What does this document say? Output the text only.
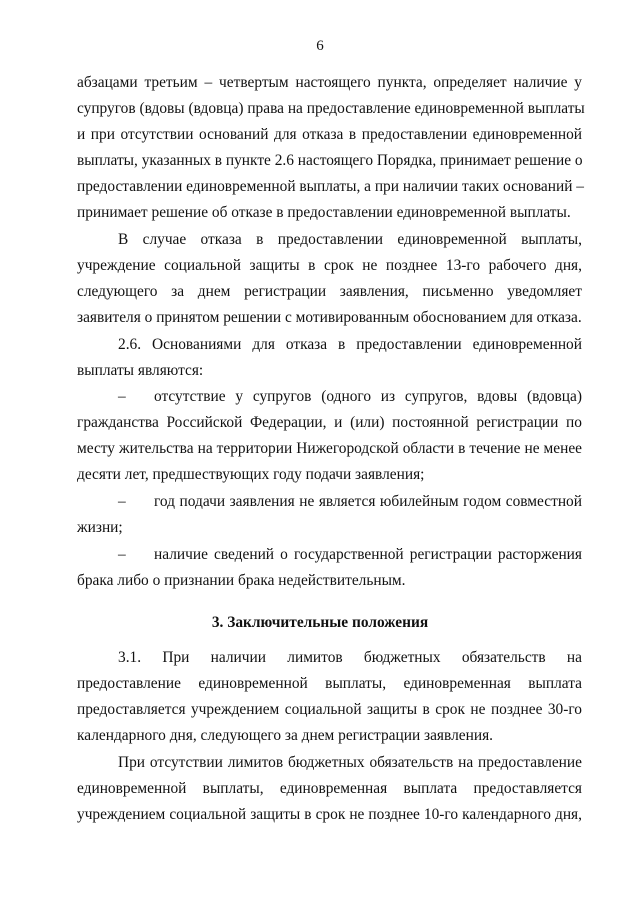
6
абзацами третьим – четвертым настоящего пункта, определяет наличие у
супругов (вдовы (вдовца) права на предоставление единовременной выплаты
и при отсутствии оснований для отказа в предоставлении единовременной
выплаты, указанных в пункте 2.6 настоящего Порядка, принимает решение о
предоставлении единовременной выплаты, а при наличии таких оснований –
принимает решение об отказе в предоставлении единовременной выплаты.
В случае отказа в предоставлении единовременной выплаты,
учреждение социальной защиты в срок не позднее 13-го рабочего дня,
следующего за днем регистрации заявления, письменно уведомляет
заявителя о принятом решении с мотивированным обоснованием для отказа.
2.6. Основаниями для отказа в предоставлении единовременной
выплаты являются:
– отсутствие у супругов (одного из супругов, вдовы (вдовца)
гражданства Российской Федерации, и (или) постоянной регистрации по
месту жительства на территории Нижегородской области в течение не менее
десяти лет, предшествующих году подачи заявления;
– год подачи заявления не является юбилейным годом совместной
жизни;
– наличие сведений о государственной регистрации расторжения
брака либо о признании брака недействительным.
3. Заключительные положения
3.1. При наличии лимитов бюджетных обязательств на
предоставление единовременной выплаты, единовременная выплата
предоставляется учреждением социальной защиты в срок не позднее 30-го
календарного дня, следующего за днем регистрации заявления.
При отсутствии лимитов бюджетных обязательств на предоставление
единовременной выплаты, единовременная выплата предоставляется
учреждением социальной защиты в срок не позднее 10-го календарного дня,
